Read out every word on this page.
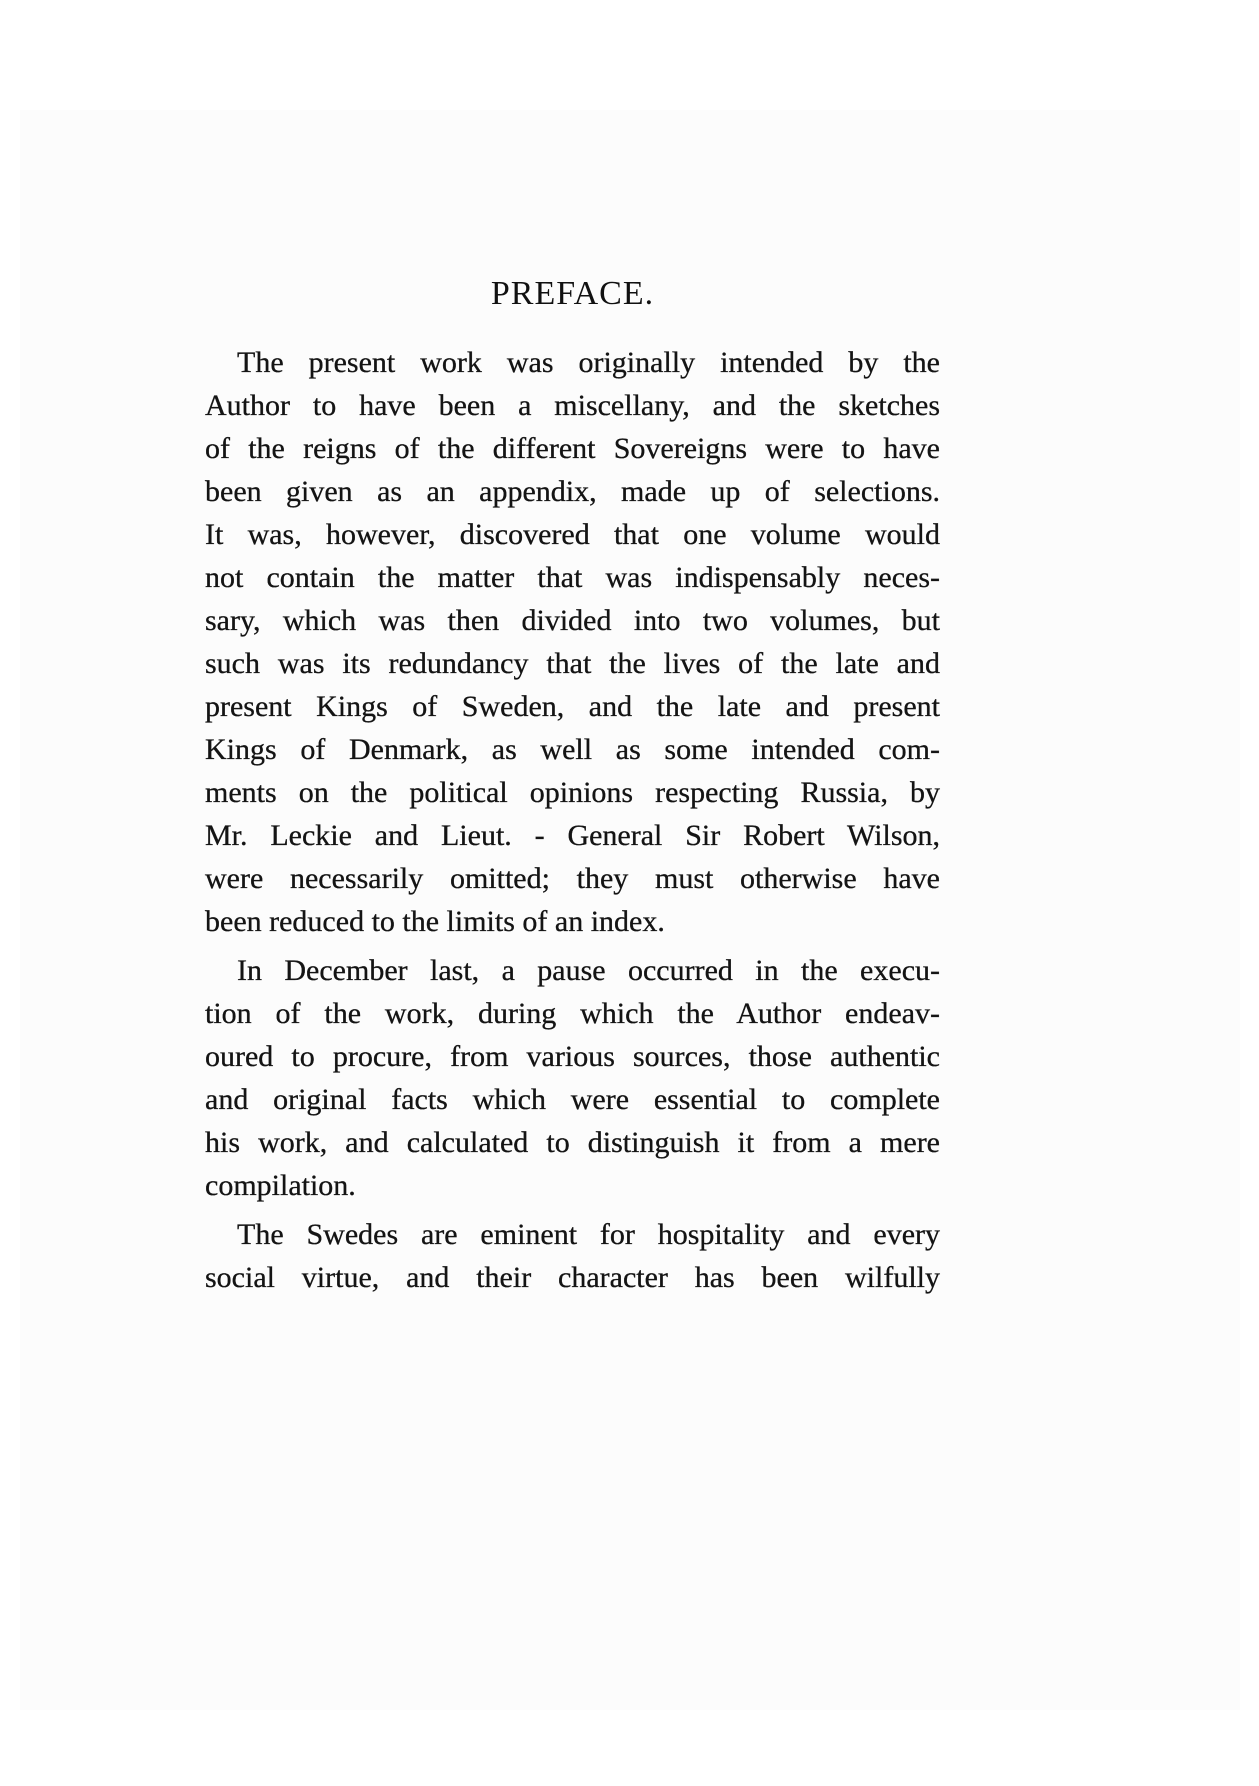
PREFACE.
The present work was originally intended by the
Author to have been a miscellany, and the sketches
of the reigns of the different Sovereigns were to have
been given as an appendix, made up of selections.
It was, however, discovered that one volume would
not contain the matter that was indispensably neces-
sary, which was then divided into two volumes, but
such was its redundancy that the lives of the late and
present Kings of Sweden, and the late and present
Kings of Denmark, as well as some intended com-
ments on the political opinions respecting Russia, by
Mr. Leckie and Lieut. - General Sir Robert Wilson,
were necessarily omitted; they must otherwise have
been reduced to the limits of an index.
In December last, a pause occurred in the execu-
tion of the work, during which the Author endeav-
oured to procure, from various sources, those authentic
and original facts which were essential to complete
his work, and calculated to distinguish it from a mere
compilation.
The Swedes are eminent for hospitality and every
social virtue, and their character has been wilfully
